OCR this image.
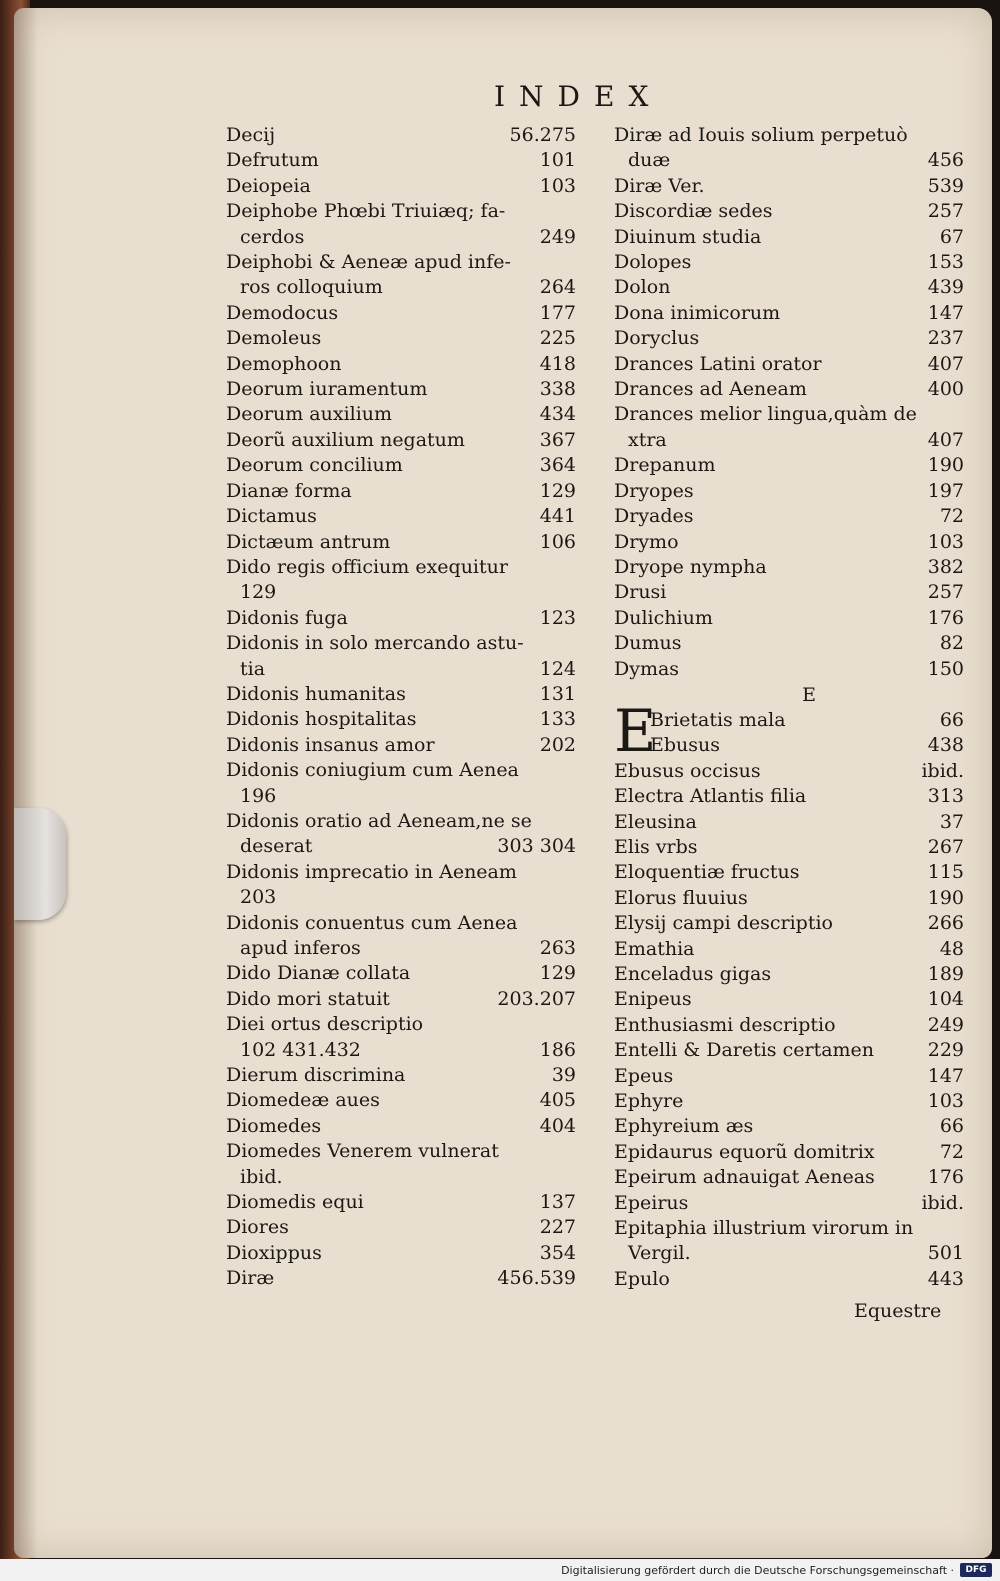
INDEX
Decij	56.275
Defrutum	101
Deiopeia	103
Deiphobe Phœbi Triuiæq; fa-
cerdos	249
Deiphobi & Aeneæ apud infe-
ros colloquium	264
Demodocus	177
Demoleus	225
Demophoon	418
Deorum iuramentum	338
Deorum auxilium	434
Deorũ auxilium negatum	367
Deorum concilium	364
Dianæ forma	129
Dictamus	441
Dictæum antrum	106
Dido regis officium exequitur
129
Didonis fuga	123
Didonis in solo mercando astu-
tia	124
Didonis humanitas	131
Didonis hospitalitas	133
Didonis insanus amor	202
Didonis coniugium cum Aenea
196
Didonis oratio ad Aeneam,ne se
deserat	303 304
Didonis imprecatio in Aeneam
203
Didonis conuentus cum Aenea
apud inferos	263
Dido Dianæ collata	129
Dido mori statuit	203.207
Diei ortus descriptio
102 431.432	186
Dierum discrimina	39
Diomedeæ aues	405
Diomedes	404
Diomedes Venerem vulnerat
ibid.
Diomedis equi	137
Diores	227
Dioxippus	354
Diræ	456.539
Diræ ad Iouis solium perpetuò
duæ	456
Diræ Ver.	539
Discordiæ sedes	257
Diuinum studia	67
Dolopes	153
Dolon	439
Dona inimicorum	147
Doryclus	237
Drances Latini orator	407
Drances ad Aeneam	400
Drances melior lingua,quàm de
xtra	407
Drepanum	190
Dryopes	197
Dryades	72
Drymo	103
Dryope nympha	382
Drusi	257
Dulichium	176
Dumus	82
Dymas	150
E
E
Brietatis mala	66
Ebusus	438
Ebusus occisus	ibid.
Electra Atlantis filia	313
Eleusina	37
Elis vrbs	267
Eloquentiæ fructus	115
Elorus fluuius	190
Elysij campi descriptio	266
Emathia	48
Enceladus gigas	189
Enipeus	104
Enthusiasmi descriptio	249
Entelli & Daretis certamen	229
Epeus	147
Ephyre	103
Ephyreium æs	66
Epidaurus equorũ domitrix	72
Epeirum adnauigat Aeneas	176
Epeirus	ibid.
Epitaphia illustrium virorum in
Vergil.	501
Epulo	443
Equestre
Digitalisierung gefördert durch die Deutsche Forschungsgemeinschaft ·	DFG
